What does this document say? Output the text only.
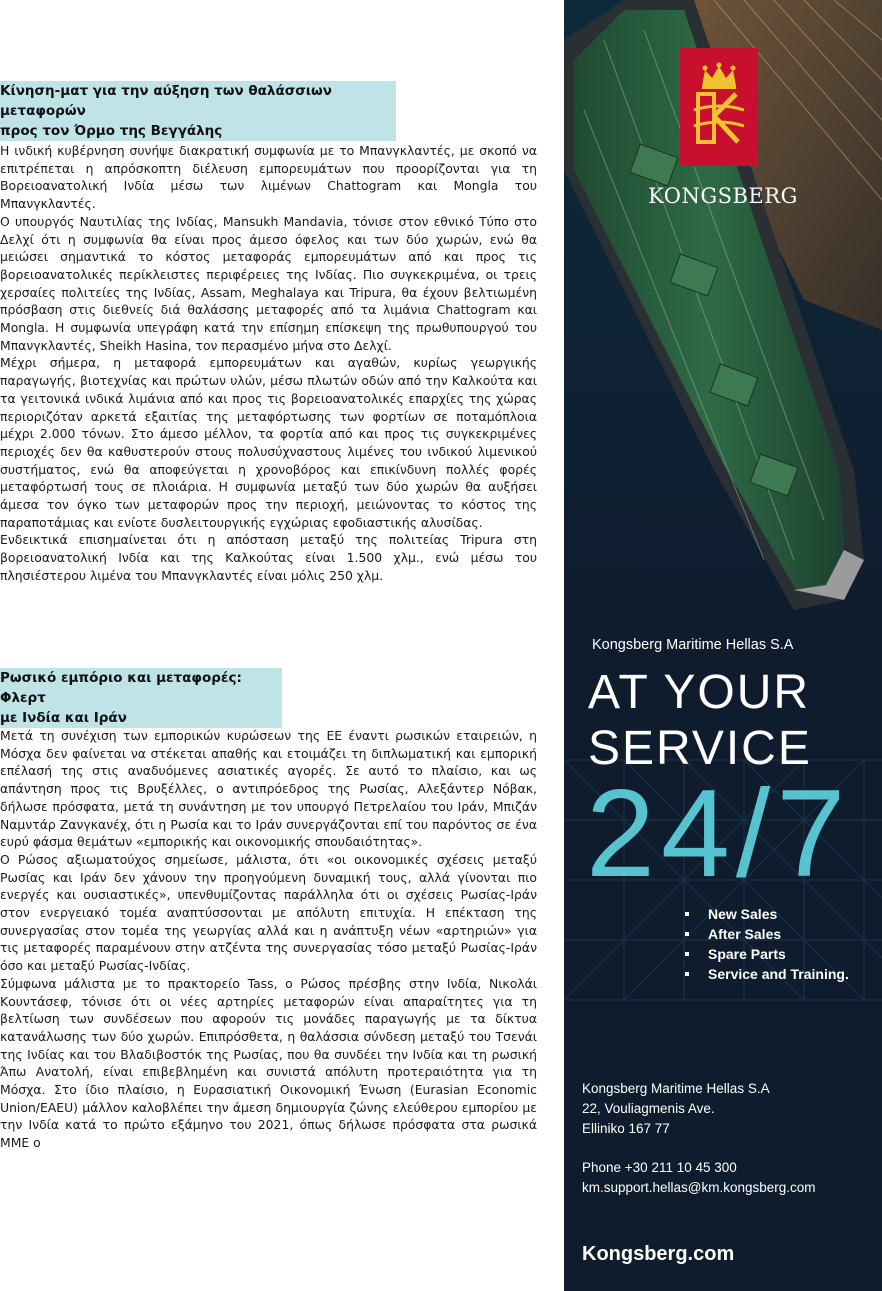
Κίνηση-ματ για την αύξηση των θαλάσσιων μεταφορών
προς τον Όρμο της Βεγγάλης

Η ινδική κυβέρνηση συνήψε διακρατική συμφωνία με το Μπανγκλαντές, με σκοπό να επιτρέπεται η απρόσκοπτη διέλευση εμπορευμάτων που προορίζονται για τη Βορειοανατολική Ινδία μέσω των λιμένων Chattogram και Mongla του Μπανγκλαντές.

Ο υπουργός Ναυτιλίας της Ινδίας, Mansukh Mandavia, τόνισε στον εθνικό Τύπο στο Δελχί ότι η συμφωνία θα είναι προς άμεσο όφελος και των δύο χωρών, ενώ θα μειώσει σημαντικά το κόστος μεταφοράς εμπορευμάτων από και προς τις βορειοανατολικές περίκλειστες περιφέρειες της Ινδίας. Πιο συγκεκριμένα, οι τρεις χερσαίες πολιτείες της Ινδίας, Assam, Meghalaya και Tripura, θα έχουν βελτιωμένη πρόσβαση στις διεθνείς διά θαλάσσης μεταφορές από τα λιμάνια Chattogram και Mongla. Η συμφωνία υπεγράφη κατά την επίσημη επίσκεψη της πρωθυπουργού του Μπανγκλαντές, Sheikh Hasina, τον περασμένο μήνα στο Δελχί.

Μέχρι σήμερα, η μεταφορά εμπορευμάτων και αγαθών, κυρίως γεωργικής παραγωγής, βιοτεχνίας και πρώτων υλών, μέσω πλωτών οδών από την Καλκούτα και τα γειτονικά ινδικά λιμάνια από και προς τις βορειοανατολικές επαρχίες της χώρας περιοριζόταν αρκετά εξαιτίας της μεταφόρτωσης των φορτίων σε ποταμόπλοια μέχρι 2.000 τόνων. Στο άμεσο μέλλον, τα φορτία από και προς τις συγκεκριμένες περιοχές δεν θα καθυστερούν στους πολυσύχναστους λιμένες του ινδικού λιμενικού συστήματος, ενώ θα αποφεύγεται η χρονοβόρος και επικίνδυνη πολλές φορές μεταφόρτωσή τους σε πλοιάρια. Η συμφωνία μεταξύ των δύο χωρών θα αυξήσει άμεσα τον όγκο των μεταφορών προς την περιοχή, μειώνοντας το κόστος της παραποτάμιας και ενίοτε δυσλειτουργικής εγχώριας εφοδιαστικής αλυσίδας.

Ενδεικτικά επισημαίνεται ότι η απόσταση μεταξύ της πολιτείας Tripura στη βορειοανατολική Ινδία και της Καλκούτας είναι 1.500 χλμ., ενώ μέσω του πλησιέστερου λιμένα του Μπανγκλαντές είναι μόλις 250 χλμ.

Ρωσικό εμπόριο και μεταφορές: Φλερτ
με Ινδία και Ιράν

Μετά τη συνέχιση των εμπορικών κυρώσεων της ΕΕ έναντι ρωσικών εταιρειών, η Μόσχα δεν φαίνεται να στέκεται απαθής και ετοιμάζει τη διπλωματική και εμπορική επέλασή της στις αναδυόμενες ασιατικές αγορές. Σε αυτό το πλαίσιο, και ως απάντηση προς τις Βρυξέλλες, ο αντιπρόεδρος της Ρωσίας, Αλεξάντερ Νόβακ, δήλωσε πρόσφατα, μετά τη συνάντηση με τον υπουργό Πετρελαίου του Ιράν, Μπιζάν Ναμντάρ Ζανγκανέχ, ότι η Ρωσία και το Ιράν συνεργάζονται επί του παρόντος σε ένα ευρύ φάσμα θεμάτων «εμπορικής και οικονομικής σπουδαιότητας».

Ο Ρώσος αξιωματούχος σημείωσε, μάλιστα, ότι «οι οικονομικές σχέσεις μεταξύ Ρωσίας και Ιράν δεν χάνουν την προηγούμενη δυναμική τους, αλλά γίνονται πιο ενεργές και ουσιαστικές», υπενθυμίζοντας παράλληλα ότι οι σχέσεις Ρωσίας-Ιράν στον ενεργειακό τομέα αναπτύσσονται με απόλυτη επιτυχία. Η επέκταση της συνεργασίας στον τομέα της γεωργίας αλλά και η ανάπτυξη νέων «αρτηριών» για τις μεταφορές παραμένουν στην ατζέντα της συνεργασίας τόσο μεταξύ Ρωσίας-Ιράν όσο και μεταξύ Ρωσίας-Ινδίας.

Σύμφωνα μάλιστα με το πρακτορείο Tass, ο Ρώσος πρέσβης στην Ινδία, Νικολάι Κουντάσεφ, τόνισε ότι οι νέες αρτηρίες μεταφορών είναι απαραίτητες για τη βελτίωση των συνδέσεων που αφορούν τις μονάδες παραγωγής με τα δίκτυα κατανάλωσης των δύο χωρών. Επιπρόσθετα, η θαλάσσια σύνδεση μεταξύ του Τσενάι της Ινδίας και του Βλαδιβοστόκ της Ρωσίας, που θα συνδέει την Ινδία και τη ρωσική Άπω Ανατολή, είναι επιβεβλημένη και συνιστά απόλυτη προτεραιότητα για τη Μόσχα. Στο ίδιο πλαίσιο, η Ευρασιατική Οικονομική Ένωση (Eurasian Economic Union/EAEU) μάλλον καλοβλέπει την άμεση δημιουργία ζώνης ελεύθερου εμπορίου με την Ινδία κατά το πρώτο εξάμηνο του 2021, όπως δήλωσε πρόσφατα στα ρωσικά ΜΜΕ ο

KONGSBERG
Kongsberg Maritime Hellas S.A
AT YOUR
SERVICE
24/7
New Sales
After Sales
Spare Parts
Service and Training.
Kongsberg Maritime Hellas S.A
22, Vouliagmenis Ave.
Elliniko 167 77
Phone +30 211 10 45 300
km.support.hellas@km.kongsberg.com
Kongsberg.com
